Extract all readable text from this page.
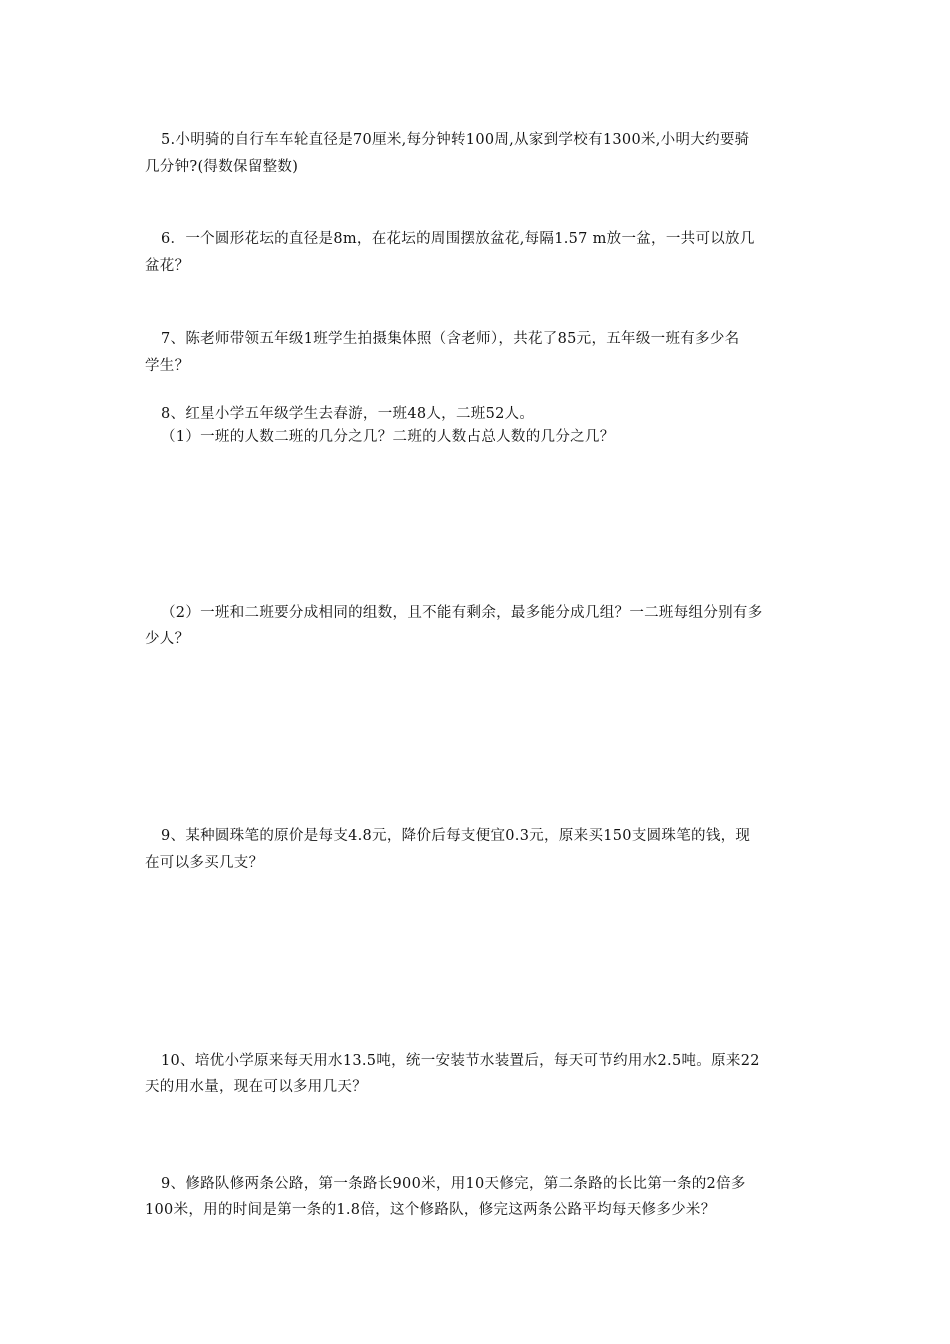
5.小明骑的自行车车轮直径是70厘米,每分钟转100周,从家到学校有1300米,小明大约要骑
几分钟?(得数保留整数)
6．一个圆形花坛的直径是8m，在花坛的周围摆放盆花,每隔1.57 m放一盆，一共可以放几
盆花？
7、陈老师带领五年级1班学生拍摄集体照（含老师），共花了85元，五年级一班有多少名
学生？
8、红星小学五年级学生去春游，一班48人，二班52人。
（1）一班的人数二班的几分之几？二班的人数占总人数的几分之几？
（2）一班和二班要分成相同的组数，且不能有剩余，最多能分成几组？一二班每组分别有多
少人？
9、某种圆珠笔的原价是每支4.8元，降价后每支便宜0.3元，原来买150支圆珠笔的钱，现
在可以多买几支？
10、培优小学原来每天用水13.5吨，统一安装节水装置后，每天可节约用水2.5吨。原来22
天的用水量，现在可以多用几天？
9、修路队修两条公路，第一条路长900米，用10天修完，第二条路的长比第一条的2倍多
100米，用的时间是第一条的1.8倍，这个修路队，修完这两条公路平均每天修多少米？
